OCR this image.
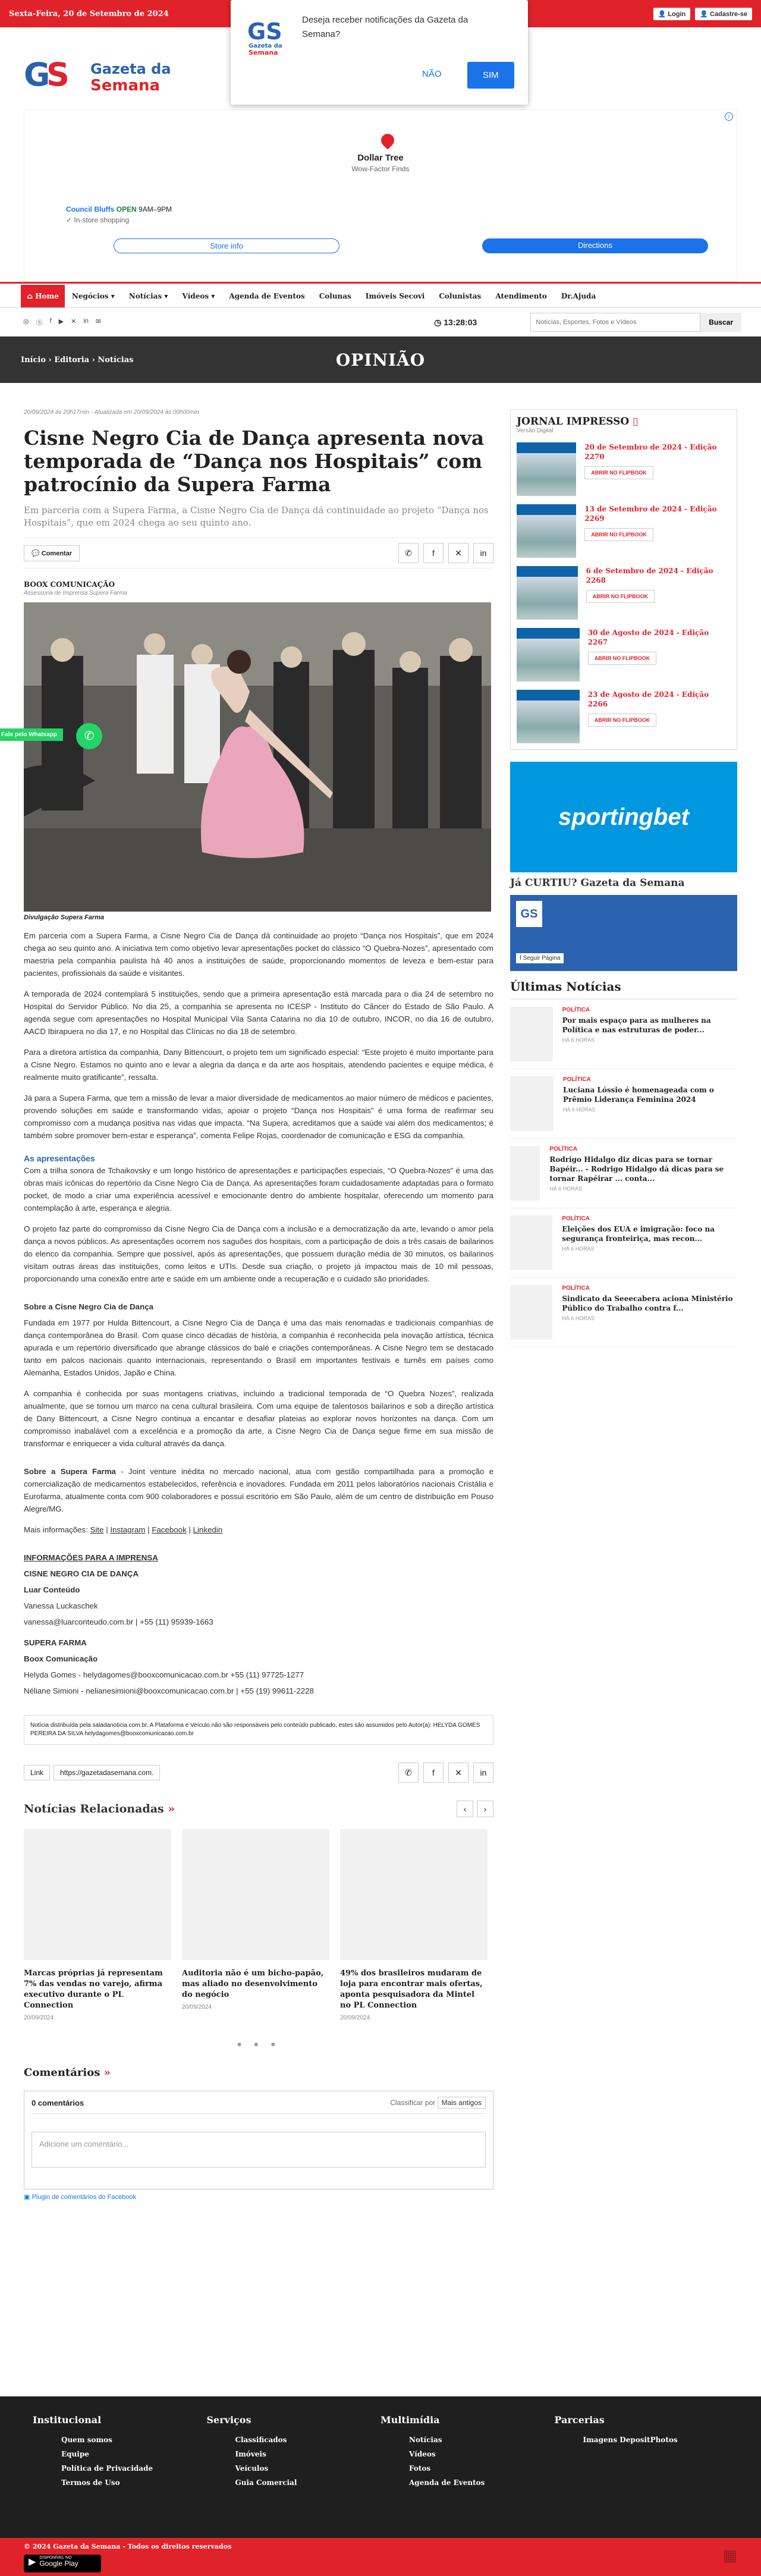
Sexta-Feira, 20 de Setembro de 2024	👤 Login	👤 Cadastre-se
GS
Gazeta da
Semana
Deseja receber notificações da Gazeta da Semana?
NÃO	SIM
G
S Gazeta da
Semana
i
Dollar Tree
Wow-Factor Finds
Council Bluffs OPEN 9AM–9PM
✓ In-store shopping
Store info	Directions
⌂ Home	Negócios ▾	Notícias ▾	Vídeos ▾	Agenda de Eventos	Colunas	Imóveis Secovi	Colunistas	Atendimento	Dr.Ajuda
◎ Ⓢ f ▶ ✕ in ✉	◷ 13:28:03
Notícias, Esportes, Fotos e Vídeos	Buscar
Início › Editoria › Notícias	OPINIÃO
20/09/2024 às 20h17min - Atualizada em 20/09/2024 às 00h00min
Cisne Negro Cia de Dança apresenta nova temporada de “Dança nos Hospitais” com patrocínio da Supera Farma
Em parceria com a Supera Farma, a Cisne Negro Cia de Dança dá continuidade ao projeto “Dança nos Hospitais”, que em 2024 chega ao seu quinto ano.
💬 Comentar	✆	f	✕	in
BOOX COMUNICAÇÃO
Assessoria de Imprensa Supera Farma
Divulgação Supera Farma

Em parceria com a Supera Farma, a Cisne Negro Cia de Dança dá continuidade ao projeto “Dança nos Hospitais”, que em 2024 chega ao seu quinto ano. A iniciativa tem como objetivo levar apresentações pocket do clássico “O Quebra-Nozes”, apresentado com maestria pela companhia paulista há 40 anos a instituições de saúde, proporcionando momentos de leveza e bem-estar para pacientes, profissionais da saúde e visitantes.

A temporada de 2024 contemplará 5 instituições, sendo que a primeira apresentação está marcada para o dia 24 de setembro no Hospital do Servidor Público. No dia 25, a companhia se apresenta no ICESP - Instituto do Câncer do Estado de São Paulo. A agenda segue com apresentações no Hospital Municipal Vila Santa Catarina no dia 10 de outubro, INCOR, no dia 16 de outubro, AACD Ibirapuera no dia 17, e no Hospital das Clínicas no dia 18 de setembro.

Para a diretora artística da companhia, Dany Bittencourt, o projeto tem um significado especial: “Este projeto é muito importante para a Cisne Negro. Estamos no quinto ano e levar a alegria da dança e da arte aos hospitais, atendendo pacientes e equipe médica, é realmente muito gratificante”, ressalta.

Já para a Supera Farma, que tem a missão de levar a maior diversidade de medicamentos ao maior número de médicos e pacientes, provendo soluções em saúde e transformando vidas, apoiar o projeto “Dança nos Hospitais” é uma forma de reafirmar seu compromisso com a mudança positiva nas vidas que impacta. “Na Supera, acreditamos que a saúde vai além dos medicamentos; é também sobre promover bem-estar e esperança”, comenta Felipe Rojas, coordenador de comunicação e ESG da companhia.

As apresentações

Com a trilha sonora de Tchaikovsky e um longo histórico de apresentações e participações especiais, “O Quebra-Nozes” é uma das obras mais icônicas do repertório da Cisne Negro Cia de Dança. As apresentações foram cuidadosamente adaptadas para o formato pocket, de modo a criar uma experiência acessível e emocionante dentro do ambiente hospitalar, oferecendo um momento para contemplação à arte, esperança e alegria.

O projeto faz parte do compromisso da Cisne Negro Cia de Dança com a inclusão e a democratização da arte, levando o amor pela dança a novos públicos. As apresentações ocorrem nos saguões dos hospitais, com a participação de dois a três casais de bailarinos do elenco da companhia. Sempre que possível, após as apresentações, que possuem duração média de 30 minutos, os bailarinos visitam outras áreas das instituições, como leitos e UTIs. Desde sua criação, o projeto já impactou mais de 10 mil pessoas, proporcionando uma conexão entre arte e saúde em um ambiente onde a recuperação e o cuidado são prioridades.

Sobre a Cisne Negro Cia de Dança

Fundada em 1977 por Hulda Bittencourt, a Cisne Negro Cia de Dança é uma das mais renomadas e tradicionais companhias de dança contemporânea do Brasil. Com quase cinco décadas de história, a companhia é reconhecida pela inovação artística, técnica apurada e um repertório diversificado que abrange clássicos do balé e criações contemporâneas. A Cisne Negro tem se destacado tanto em palcos nacionais quanto internacionais, representando o Brasil em importantes festivais e turnês em países como Alemanha, Estados Unidos, Japão e China.

A companhia é conhecida por suas montagens criativas, incluindo a tradicional temporada de “O Quebra Nozes”, realizada anualmente, que se tornou um marco na cena cultural brasileira. Com uma equipe de talentosos bailarinos e sob a direção artística de Dany Bittencourt, a Cisne Negro continua a encantar e desafiar plateias ao explorar novos horizontes na dança. Com um compromisso inabalável com a excelência e a promoção da arte, a Cisne Negro Cia de Dança segue firme em sua missão de transformar e enriquecer a vida cultural através da dança.

Sobre a Supera Farma - Joint venture inédita no mercado nacional, atua com gestão compartilhada para a promoção e comercialização de medicamentos estabelecidos, referência e inovadores. Fundada em 2011 pelos laboratórios nacionais Cristália e Eurofarma, atualmente conta com 900 colaboradores e possui escritório em São Paulo, além de um centro de distribuição em Pouso Alegre/MG.

Mais informações: Site | Instagram | Facebook | Linkedin

INFORMAÇÕES PARA A IMPRENSA

CISNE NEGRO CIA DE DANÇA

Luar Conteúdo

Vanessa Luckaschek

vanessa@luarconteudo.com.br | +55 (11) 95939-1663

SUPERA FARMA

Boox Comunicação

Helyda Gomes - helydagomes@booxcomunicacao.com.br +55 (11) 97725-1277

Néliane Simioni - nelianesimioni@booxcomunicacao.com.br | +55 (19) 99611-2228

Notícia distribuída pela saladanoticia.com.br. A Plataforma e Veículo não são responsáveis pelo conteúdo publicado, estes são assumidos pelo Autor(a): HELYDA GOMES PEREIRA DA SILVA helydagomes@booxcomunicacao.com.br
Link	https://gazetadasemana.com.	✆	f	✕	in
Notícias Relacionadas »	‹	›
Marcas próprias já representam 7% das vendas no varejo, afirma executivo durante o PL Connection
20/09/2024
Auditoria não é um bicho-papão, mas aliado no desenvolvimento do negócio
20/09/2024
49% dos brasileiros mudaram de loja para encontrar mais ofertas, aponta pesquisadora da Mintel no PL Connection
20/09/2024
● ● ●
Comentários »
0 comentários	Classificar por Mais antigos
Adicione um comentário...
▣ Plugin de comentários do Facebook
Fale pelo Whatsapp	✆
JORNAL IMPRESSO ▯
Versão Digital
20 de Setembro de 2024 - Edição 2270
ABRIR NO FLIPBOOK
13 de Setembro de 2024 - Edição 2269
ABRIR NO FLIPBOOK
6 de Setembro de 2024 - Edição 2268
ABRIR NO FLIPBOOK
30 de Agosto de 2024 - Edição 2267
ABRIR NO FLIPBOOK
23 de Agosto de 2024 - Edição 2266
ABRIR NO FLIPBOOK
sportingbet
Já CURTIU? Gazeta da Semana
GS
f Seguir Página
Últimas Notícias
POLÍTICA
Por mais espaço para as mulheres na Política e nas estruturas de poder...
HÁ 6 HORAS
POLÍTICA
Luciana Lóssio é homenageada com o Prêmio Liderança Feminina 2024
HÁ 6 HORAS
POLÍTICA
Rodrigo Hidalgo diz dicas para se tornar Bapéir... - Rodrigo Hidalgo dá dicas para se tornar Rapéirar ... conta...
HÁ 6 HORAS
POLÍTICA
Eleições dos EUA e imigração: foco na segurança fronteiriça, mas recon...
HÁ 6 HORAS
POLÍTICA
Sindicato da Seeecabera aciona Ministério Público do Trabalho contra f...
HÁ 6 HORAS
Institucional
Quem somos
Equipe
Política de Privacidade
Termos de Uso
Serviços
Classificados
Imóveis
Veículos
Guia Comercial
Multimídia
Notícias
Vídeos
Fotos
Agenda de Eventos
Parcerias
Imagens DepositPhotos
© 2024 Gazeta da Semana - Todos os direitos reservados
▶ DISPONÍVEL NO
Google Play	▦
